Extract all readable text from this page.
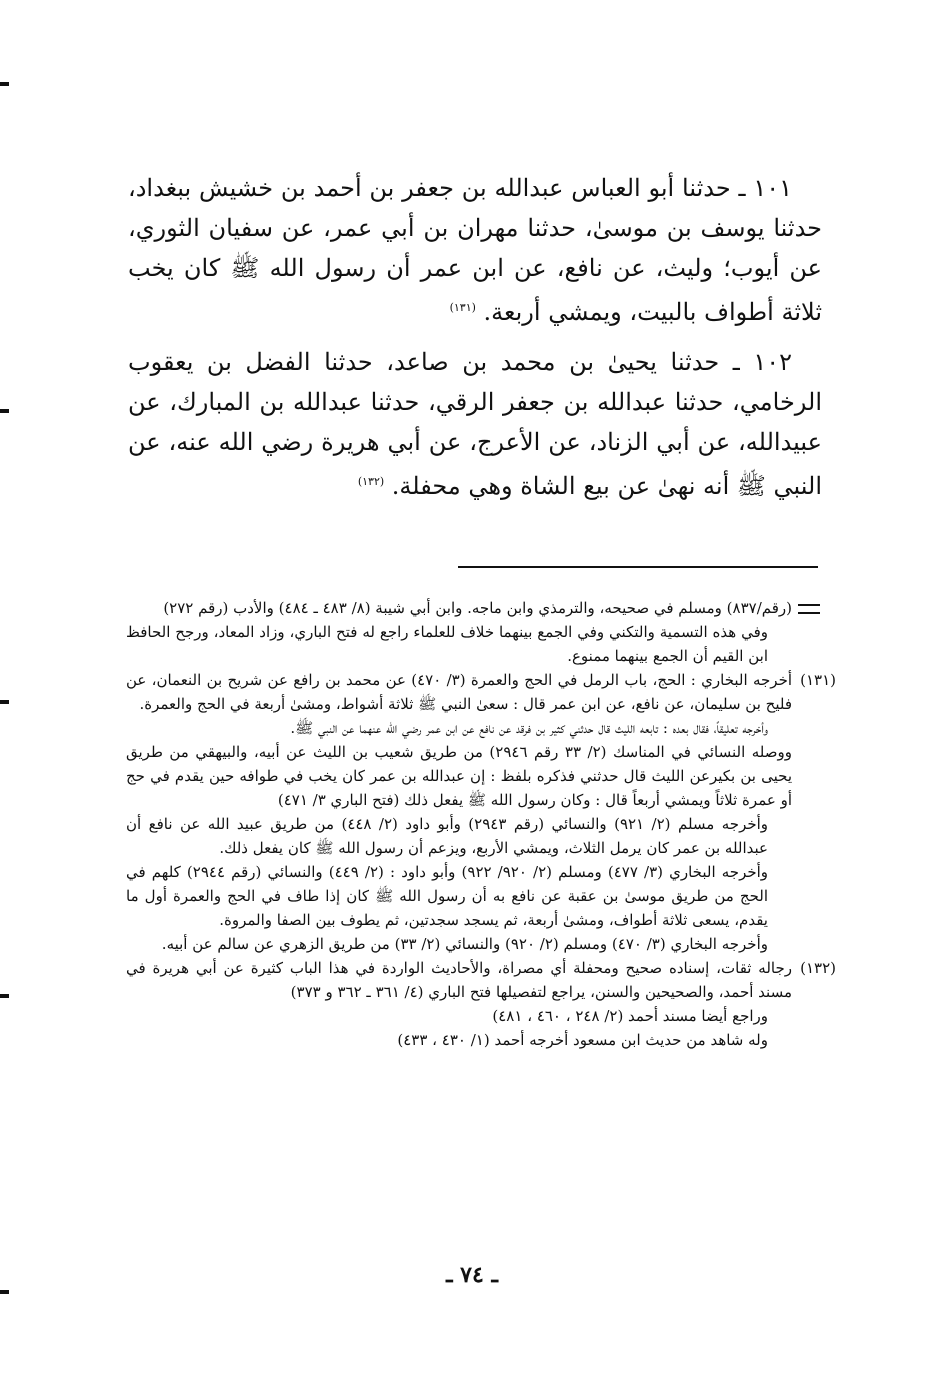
١٠١ ـ حدثنا أبو العباس عبدالله بن جعفر بن أحمد بن خشيش ببغداد، حدثنا يوسف بن موسىٰ، حدثنا مهران بن أبي عمر، عن سفيان الثوري، عن أيوب؛ وليث، عن نافع، عن ابن عمر أن رسول الله ﷺ كان يخب ثلاثة أطواف بالبيت، ويمشي أربعة. $^{(١٣١)}$

١٠٢ ـ حدثنا يحيىٰ بن محمد بن صاعد، حدثنا الفضل بن يعقوب الرخامي، حدثنا عبدالله بن جعفر الرقي، حدثنا عبدالله بن المبارك، عن عبيدالله، عن أبي الزناد، عن الأعرج، عن أبي هريرة رضي الله عنه، عن النبي ﷺ أنه نهىٰ عن بيع الشاة وهي محفلة. $^{(١٣٢)}$

(رقم/٨٣٧) ومسلم في صحيحه، والترمذي وابن ماجه. وابن أبي شيبة (٨/ ٤٨٣ ـ ٤٨٤) والأدب (رقم ٢٧٢)

وفي هذه التسمية والتكني وفي الجمع بينهما خلاف للعلماء راجع له فتح الباري، وزاد المعاد، ورجح الحافظ ابن القيم أن الجمع بينهما ممنوع.

(١٣١)

أخرجه البخاري : الحج، باب الرمل في الحج والعمرة (٣/ ٤٧٠) عن محمد بن رافع عن شريح بن النعمان، عن فليح بن سليمان، عن نافع، عن ابن عمر قال : سعىٰ النبي ﷺ ثلاثة أشواط، ومشىٰ أربعة في الحج والعمرة.

وأخرجه تعليقاً، فقال بعده : تابعه الليث قال حدثني كثير بن فرقد عن نافع عن ابن عمر رضي الله عنهما عن النبي ﷺ.

ووصله النسائي في المناسك (٢/ ٣٣ رقم ٢٩٤٦) من طريق شعيب بن الليث عن أبيه، والبيهقي من طريق يحيى بن بكيرعن الليث قال حدثني فذكره بلفظ : إن عبدالله بن عمر كان يخب في طوافه حين يقدم في حج أو عمرة ثلاثاً ويمشي أربعاً قال : وكان رسول الله ﷺ يفعل ذلك (فتح الباري ٣/ ٤٧١)

وأخرجه مسلم (٢/ ٩٢١) والنسائي (رقم ٢٩٤٣) وأبو داود (٢/ ٤٤٨) من طريق عبيد الله عن نافع أن عبدالله بن عمر كان يرمل الثلاث، ويمشي الأربع، ويزعم أن رسول الله ﷺ كان يفعل ذلك.

وأخرجه البخاري (٣/ ٤٧٧) ومسلم (٢/ ٩٢٠/ ٩٢٢) وأبو داود : (٢/ ٤٤٩) والنسائي (رقم ٢٩٤٤) كلهم في الحج من طريق موسىٰ بن عقبة عن نافع به أن رسول الله ﷺ كان إذا طاف في الحج والعمرة أول ما يقدم، يسعى ثلاثة أطواف، ومشىٰ أربعة، ثم يسجد سجدتين، ثم يطوف بين الصفا والمروة.

وأخرجه البخاري (٣/ ٤٧٠) ومسلم (٢/ ٩٢٠) والنسائي (٢/ ٣٣) من طريق الزهري عن سالم عن أبيه.

(١٣٢)

رجاله ثقات، إسناده صحيح ومحفلة أي مصراة، والأحاديث الواردة في هذا الباب كثيرة عن أبي هريرة في مسند أحمد، والصحيحين والسنن، يراجع لتفصيلها فتح الباري (٤/ ٣٦١ ـ ٣٦٢ و ٣٧٣)

وراجع أيضا مسند أحمد (٢/ ٢٤٨ ، ٤٦٠ ، ٤٨١)

وله شاهد من حديث ابن مسعود أخرجه أحمد (١/ ٤٣٠ ، ٤٣٣)

ـ ٧٤ ـ
